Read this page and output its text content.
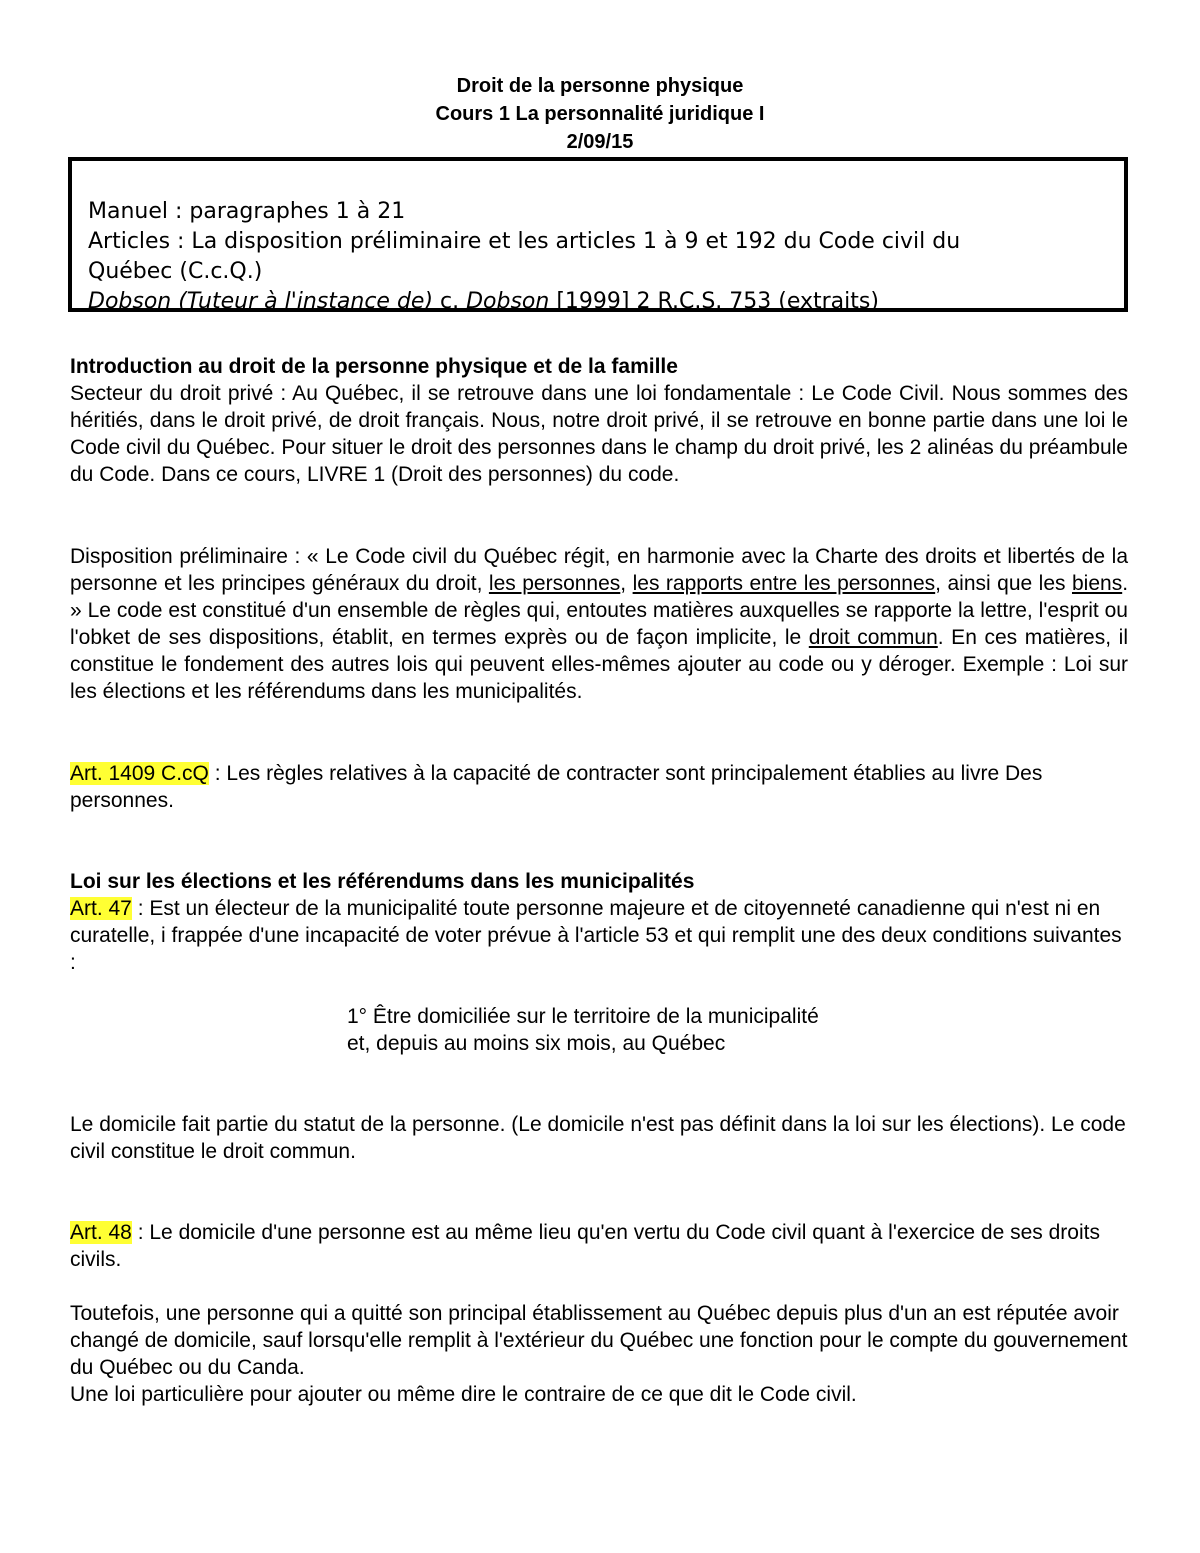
Droit de la personne physique
Cours 1 La personnalité juridique I
2/09/15
Manuel : paragraphes 1 à 21
Articles : La disposition préliminaire et les articles 1 à 9 et 192 du Code civil du
Québec (C.c.Q.)
Dobson (Tuteur à l'instance de) c. Dobson [1999] 2 R.C.S. 753 (extraits)

Introduction au droit de la personne physique et de la famille

Secteur du droit privé : Au Québec, il se retrouve dans une loi fondamentale : Le Code Civil. Nous sommes des héritiés, dans le droit privé, de droit français. Nous, notre droit privé, il se retrouve en bonne partie dans une loi le Code civil du Québec. Pour situer le droit des personnes dans le champ du droit privé, les 2 alinéas du préambule du Code. Dans ce cours, LIVRE 1 (Droit des personnes) du code.

Disposition préliminaire : « Le Code civil du Québec régit, en harmonie avec la Charte des droits et libertés de la personne et les principes généraux du droit, les personnes, les rapports entre les personnes, ainsi que les biens. » Le code est constitué d'un ensemble de règles qui, entoutes matières auxquelles se rapporte la lettre, l'esprit ou l'obket de ses dispositions, établit, en termes exprès ou de façon implicite, le droit commun. En ces matières, il constitue le fondement des autres lois qui peuvent elles-mêmes ajouter au code ou y déroger. Exemple : Loi sur les élections et les référendums dans les municipalités.

Art. 1409 C.cQ : Les règles relatives à la capacité de contracter sont principalement établies au livre Des personnes.

Loi sur les élections et les référendums dans les municipalités

Art. 47 : Est un électeur de la municipalité toute personne majeure et de citoyenneté canadienne qui n'est ni en curatelle, i frappée d'une incapacité de voter prévue à l'article 53 et qui remplit une des deux conditions suivantes :

1° Être domiciliée sur le territoire de la municipalité
et, depuis au moins six mois, au Québec

Le domicile fait partie du statut de la personne. (Le domicile n'est pas définit dans la loi sur les élections). Le code civil constitue le droit commun.

Art. 48 : Le domicile d'une personne est au même lieu qu'en vertu du Code civil quant à l'exercice de ses droits civils.

Toutefois, une personne qui a quitté son principal établissement au Québec depuis plus d'un an est réputée avoir changé de domicile, sauf lorsqu'elle remplit à l'extérieur du Québec une fonction pour le compte du gouvernement du Québec ou du Canda.

Une loi particulière pour ajouter ou même dire le contraire de ce que dit le Code civil.
